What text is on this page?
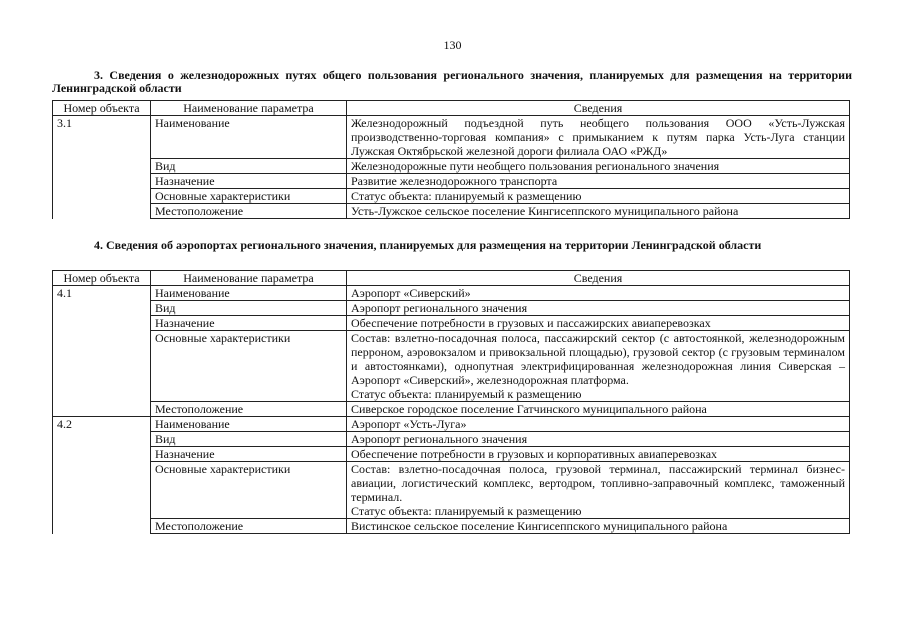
130
3. Сведения о железнодорожных путях общего пользования регионального значения, планируемых для размещения на территории Ленинградской области
Номер объекта	Наименование параметра	Сведения
3.1	Наименование	Железнодорожный подъездной путь необщего пользования ООО «Усть-Лужская производственно-торговая компания» с примыканием к путям парка Усть-Луга станции Лужская Октябрьской железной дороги филиала ОАО «РЖД»
	Вид	Железнодорожные пути необщего пользования регионального значения
	Назначение	Развитие железнодорожного транспорта
	Основные характеристики	Статус объекта: планируемый к размещению
	Местоположение	Усть-Лужское сельское поселение Кингисеппского муниципального района
4. Сведения об аэропортах регионального значения, планируемых для размещения на территории Ленинградской области
Номер объекта	Наименование параметра	Сведения
4.1	Наименование	Аэропорт «Сиверский»
	Вид	Аэропорт регионального значения
	Назначение	Обеспечение потребности в грузовых и пассажирских авиаперевозках
	Основные характеристики	Состав: взлетно-посадочная полоса, пассажирский сектор (с автостоянкой, железнодорожным перроном, аэровокзалом и привокзальной площадью), грузовой сектор (с грузовым терминалом и автостоянками), однопутная электрифицированная железнодорожная линия Сиверская – Аэропорт «Сиверский», железнодорожная платформа.
Статус объекта: планируемый к размещению

	Местоположение	Сиверское городское поселение Гатчинского муниципального района
4.2	Наименование	Аэропорт «Усть-Луга»
	Вид	Аэропорт регионального значения
	Назначение	Обеспечение потребности в грузовых и корпоративных авиаперевозках
	Основные характеристики	Состав: взлетно-посадочная полоса, грузовой терминал, пассажирский терминал бизнес-авиации, логистический комплекс, вертодром, топливно-заправочный комплекс, таможенный терминал.
Статус объекта: планируемый к размещению

	Местоположение	Вистинское сельское поселение Кингисеппского муниципального района
